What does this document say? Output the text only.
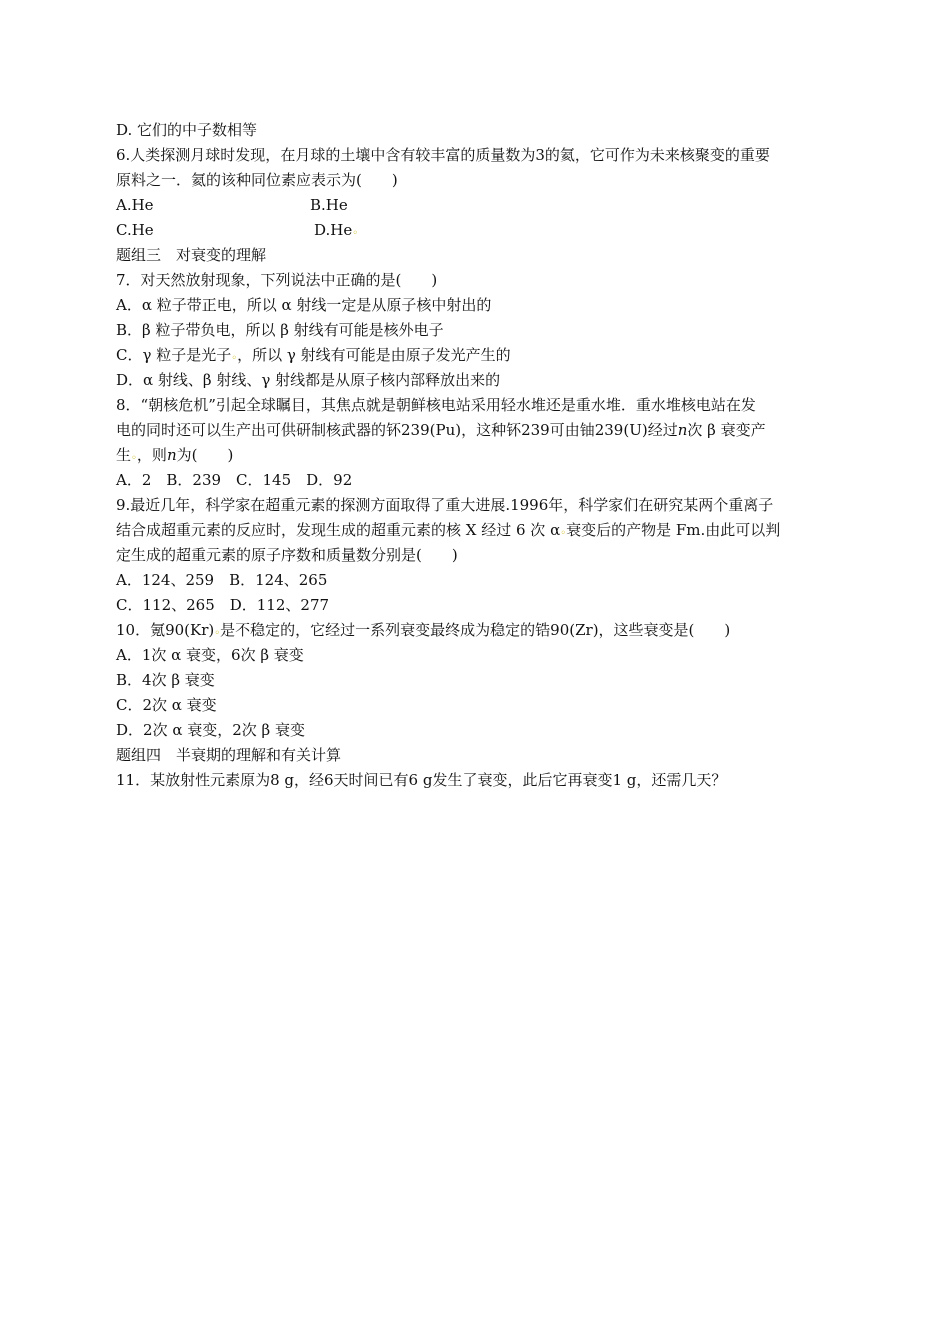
D. 它们的中子数相等
6.人类探测月球时发现，在月球的土壤中含有较丰富的质量数为3的氦，它可作为未来核聚变的重要
原料之一．氦的该种同位素应表示为(　　)
A.He	B.He
C.He	D.He◦
题组三　对衰变的理解
7．对天然放射现象，下列说法中正确的是(　　)
A．α 粒子带正电，所以 α 射线一定是从原子核中射出的
B．β 粒子带负电，所以 β 射线有可能是核外电子
C．γ 粒子是光子◦，所以 γ 射线有可能是由原子发光产生的
D．α 射线、β 射线、γ 射线都是从原子核内部释放出来的
8．“朝核危机”引起全球瞩目，其焦点就是朝鲜核电站采用轻水堆还是重水堆．重水堆核电站在发
电的同时还可以生产出可供研制核武器的钚239(Pu)，这种钚239可由铀239(U)经过n次 β 衰变产
生◦，则n为(　　)
A．2　B．239　C．145　D．92
9.最近几年，科学家在超重元素的探测方面取得了重大进展.1996年，科学家们在研究某两个重离子
结合成超重元素的反应时，发现生成的超重元素的核 X 经过 6 次 α◦衰变后的产物是 Fm.由此可以判
定生成的超重元素的原子序数和质量数分别是(　　)
A．124、259　B．124、265
C．112、265　D．112、277
10．氪90(Kr)◦是不稳定的，它经过一系列衰变最终成为稳定的锆90(Zr)，这些衰变是(　　)
A．1次 α 衰变，6次 β 衰变
B．4次 β 衰变
C．2次 α 衰变
D．2次 α 衰变，2次 β 衰变
题组四　半衰期的理解和有关计算
11．某放射性元素原为8 g，经6天时间已有6 g发生了衰变，此后它再衰变1 g，还需几天？
